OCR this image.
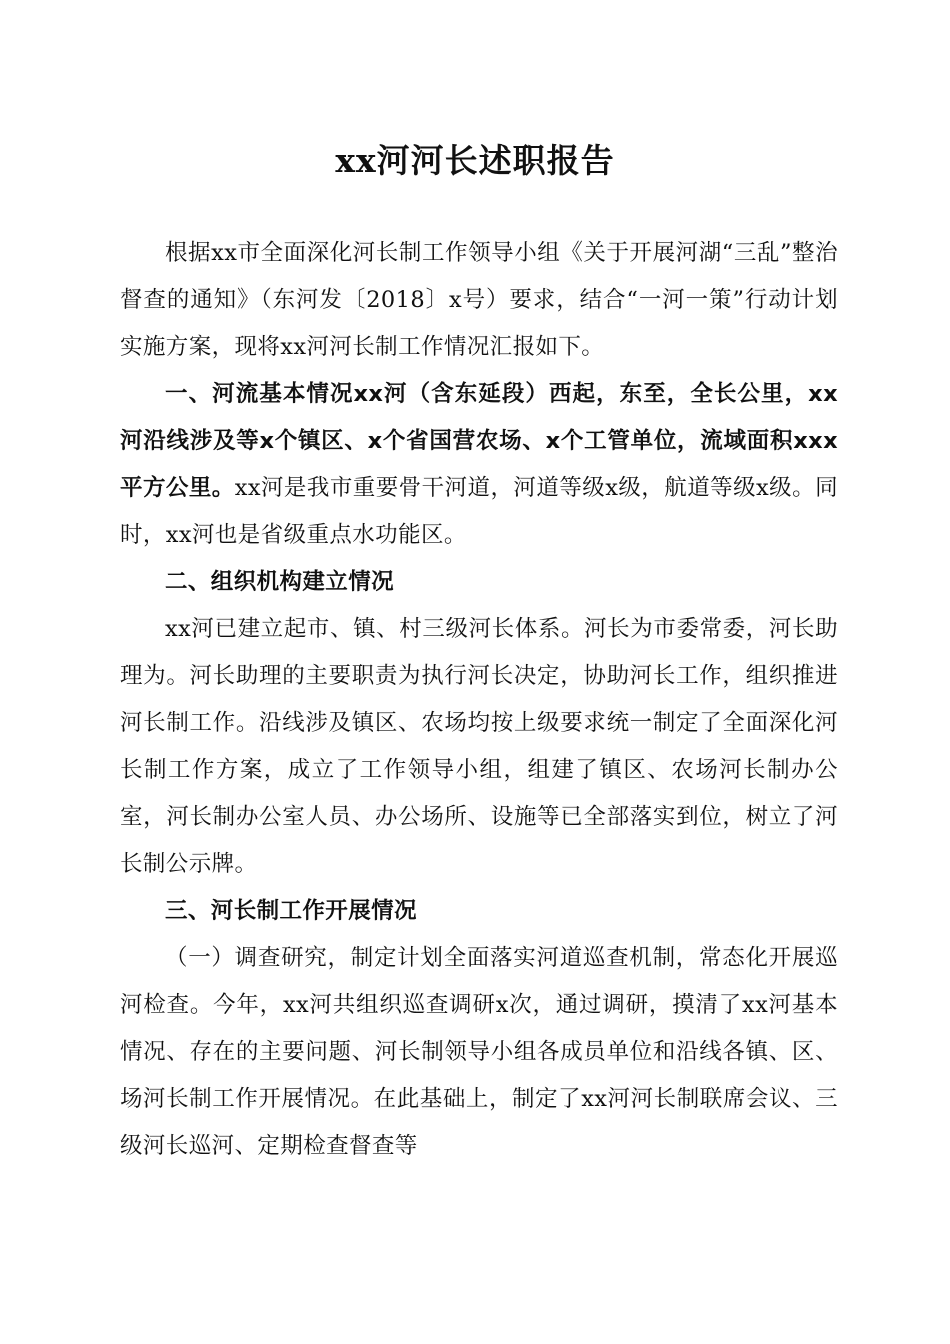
xx河河长述职报告

根据xx市全面深化河长制工作领导小组《关于开展河湖“三乱”整治督查的通知》（东河发〔2018〕x号）要求，结合“一河一策”行动计划实施方案，现将xx河河长制工作情况汇报如下。

一、河流基本情况xx河（含东延段）西起，东至，全长公里，xx河沿线涉及等x个镇区、x个省国营农场、x个工管单位，流域面积xxx平方公里。xx河是我市重要骨干河道，河道等级x级，航道等级x级。同时，xx河也是省级重点水功能区。

二、组织机构建立情况

xx河已建立起市、镇、村三级河长体系。河长为市委常委，河长助理为。河长助理的主要职责为执行河长决定，协助河长工作，组织推进河长制工作。沿线涉及镇区、农场均按上级要求统一制定了全面深化河长制工作方案，成立了工作领导小组，组建了镇区、农场河长制办公室，河长制办公室人员、办公场所、设施等已全部落实到位，树立了河长制公示牌。

三、河长制工作开展情况

（一）调查研究，制定计划全面落实河道巡查机制，常态化开展巡河检查。今年，xx河共组织巡查调研x次，通过调研，摸清了xx河基本情况、存在的主要问题、河长制领导小组各成员单位和沿线各镇、区、场河长制工作开展情况。在此基础上，制定了xx河河长制联席会议、三级河长巡河、定期检查督查等
